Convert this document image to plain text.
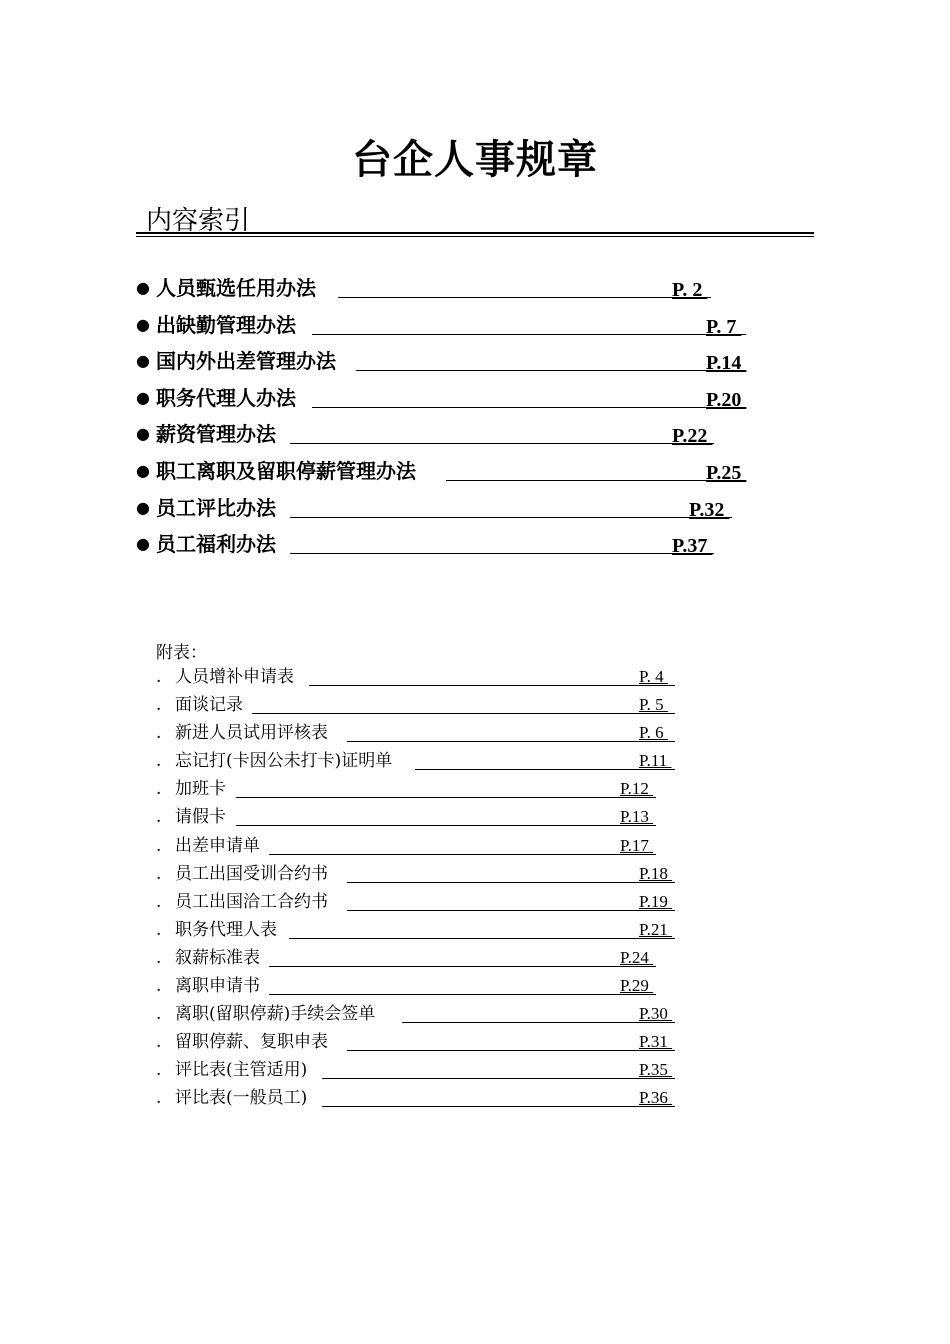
台企人事规章
内容索引
● 人员甄选任用办法	P. 2
● 出缺勤管理办法	P. 7
● 国内外出差管理办法	P.14
● 职务代理人办法	P.20
● 薪资管理办法	P.22
● 职工离职及留职停薪管理办法	P.25
● 员工评比办法	P.32
● 员工福利办法	P.37
附表：
. 人员增补申请表	P. 4
. 面谈记录	P. 5
. 新进人员试用评核表	P. 6
. 忘记打(卡因公未打卡)证明单	P.11
. 加班卡	P.12
. 请假卡	P.13
. 出差申请单	P.17
. 员工出国受训合约书	P.18
. 员工出国洽工合约书	P.19
. 职务代理人表	P.21
. 叙薪标准表	P.24
. 离职申请书	P.29
. 离职(留职停薪)手续会签单	P.30
. 留职停薪、复职申表	P.31
. 评比表(主管适用)	P.35
. 评比表(一般员工)	P.36
